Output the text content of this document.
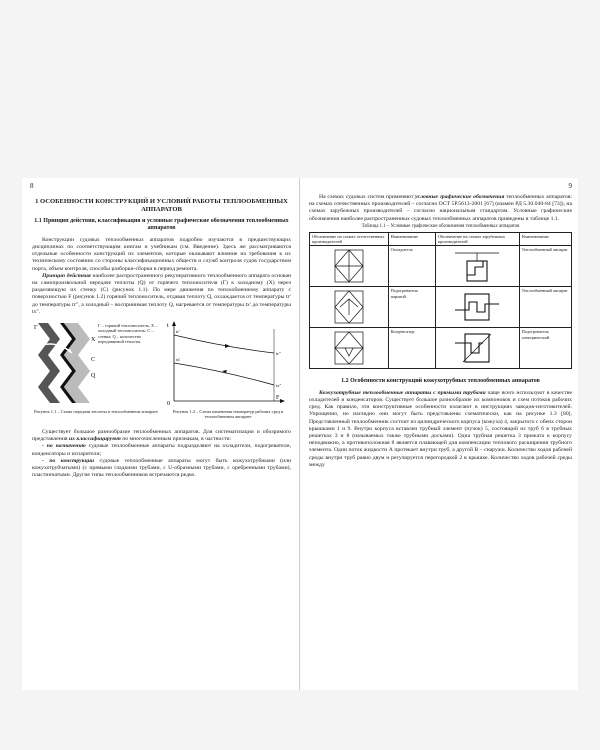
8
1 ОСОБЕННОСТИ КОНСТРУКЦИЙ И УСЛОВИЙ РАБОТЫ ТЕПЛООБМЕННЫХ АППАРАТОВ
1.1 Принцип действия, классификация и условные графические обозначения теплообменных аппаратов

Конструкции судовых теплообменных аппаратов подробно изучаются в предшествующих дисциплинах по соответствующим книгам и учебникам (см. Введение). Здесь же рассматриваются отдельные особенности конструкций их элементов, которые оказывают влияние на требования к их техническому состоянию со стороны классификационных обществ и служб контроля судов государством порта, объем контроля, способы разборки-сборки в период ремонта.

Принцип действия наиболее распространенного рекуперативного теплообменного аппарата основан на самопроизвольной передаче теплоты (Q) от горячего теплоносителя (Г) к холодному (Х) через разделяющую их стенку (С) (рисунок 1.1). По мере движения по теплообменному аппарату с поверхностью F (рисунок 1.2) горячий теплоноситель, отдавая теплоту Q, охлаждается от температуры tг' до температуры tг", а холодный – воспринимая теплоту Q, нагревается от температуры tх' до температуры tх".

Г
X
С
Q
Г – горячий теплоноситель; X – холодный теплоноситель; С – стенка; Q – количество передаваемой теплоты
Рисунок 1.1 – Схема передачи теплоты в теплообменном аппарате
t
0
F
tг'
tг"
tх'
tх"
Рисунок 1.2 – Схема изменения температур рабочих сред в теплообменном аппарате

Существует большое разнообразие теплообменных аппаратов. Для систематизации и обозримого представления их классифицируют по многочисленным признакам, в частности:

- по назначению судовые теплообменные аппараты подразделяют на охладители, подогреватели, конденсаторы и испарители;

- по конструкции судовые теплообменные аппараты могут быть кожухотрубными (или кожухотрубчатыми) (с прямыми гладкими трубами, с U-образными трубами, с оребренными трубами), пластинчатыми. Другие типы теплообменников встречаются редко.

9

На схемах судовых систем применяют условные графические обозначения теплообменных аппаратов: на схемах отечественных производителей – согласно ОСТ 5Р.5613-2001 [67] (взамен РД 5.30.040-84 [73]), на схемах зарубежных производителей – согласно национальным стандартам. Условные графические обозначения наиболее распространенных судовых теплообменных аппаратов приведены в таблице 1.1.

Таблица 1.1 – Условные графические обозначения теплообменных аппаратов
Обозначение на схемах отечественных производителей	Наименование	Обозначение на схемах зарубежных производителей	Наименование

	Охладитель		Теплообменный аппарат

	Подогреватель паровой		Теплообменный аппарат

	Конденсатор		Подогреватель электрический
1.2 Особенности конструкций кожухотрубных теплообменных аппаратов

Кожухотрубные теплообменные аппараты с прямыми трубами чаще всего используют в качестве охладителей и конденсаторов. Существует большое разнообразие их компоновок и схем потоков рабочих сред. Как правило, эти конструктивные особенности излагают в инструкциях заводов-изготовителей. Упрощенно, но наглядно они могут быть представлены схематически, как на рисунке 1.3 [80]. Представленный теплообменник состоит из цилиндрического корпуса (кожуха) 4, закрытого с обеих сторон крышками 1 и 9. Внутри корпуса вставлен трубный элемент (пучок) 5, состоящий из труб 6 в трубных решетках 3 и 8 (называемых также трубными досками). Одна трубная решетка 3 прижата к корпусу неподвижно, а противоположная 8 является плавающей для компенсации теплового расширения трубного элемента. Один поток жидкости А протекает внутри труб, а другой В – снаружи. Количество ходов рабочей среды внутри труб равно двум и регулируется перегородкой 2 в крышке. Количество ходов рабочей среды между
